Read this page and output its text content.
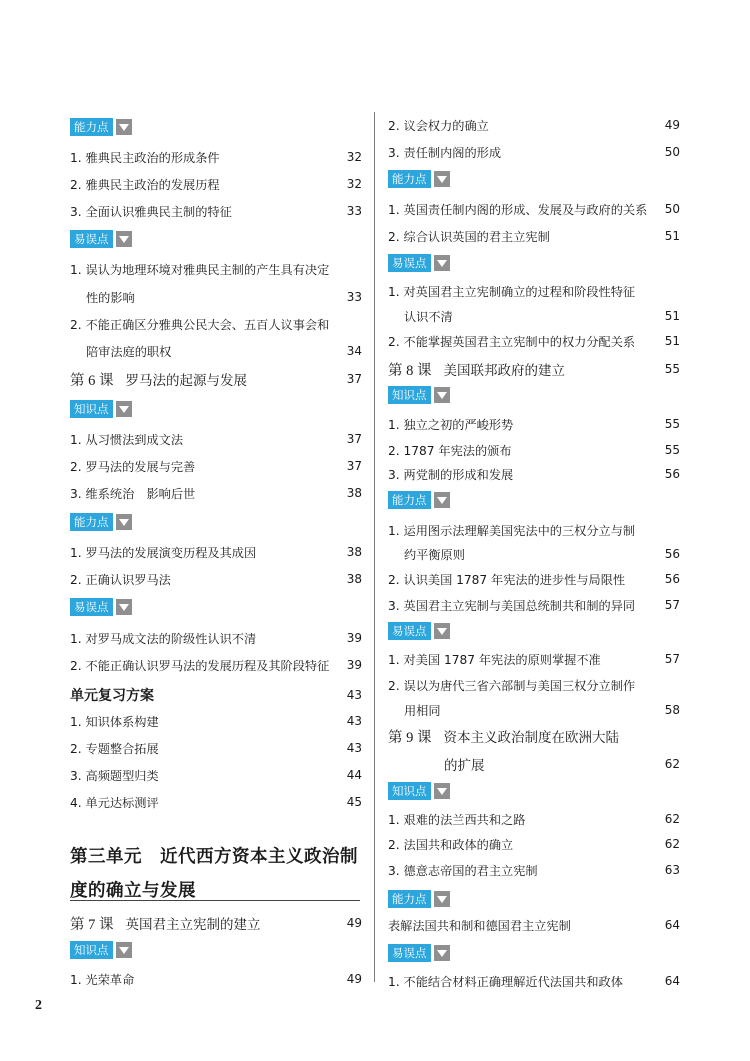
能力点
1. 雅典民主政治的形成条件	32
2. 雅典民主政治的发展历程	32
3. 全面认识雅典民主制的特征	33
易误点
1. 误认为地理环境对雅典民主制的产生具有决定
性的影响	33
2. 不能正确区分雅典公民大会、五百人议事会和
陪审法庭的职权	34
第 6 课 罗马法的起源与发展	37
知识点
1. 从习惯法到成文法	37
2. 罗马法的发展与完善	37
3. 维系统治　影响后世	38
能力点
1. 罗马法的发展演变历程及其成因	38
2. 正确认识罗马法	38
易误点
1. 对罗马成文法的阶级性认识不清	39
2. 不能正确认识罗马法的发展历程及其阶段特征	39
单元复习方案	43
1. 知识体系构建	43
2. 专题整合拓展	43
3. 高频题型归类	44
4. 单元达标测评	45
第三单元　近代西方资本主义政治制
度的确立与发展
第 7 课 英国君主立宪制的建立	49
知识点
1. 光荣革命	49
2. 议会权力的确立	49
3. 责任制内阁的形成	50
能力点
1. 英国责任制内阁的形成、发展及与政府的关系	50
2. 综合认识英国的君主立宪制	51
易误点
1. 对英国君主立宪制确立的过程和阶段性特征
认识不清	51
2. 不能掌握英国君主立宪制中的权力分配关系	51
第 8 课 美国联邦政府的建立	55
知识点
1. 独立之初的严峻形势	55
2. 1787 年宪法的颁布	55
3. 两党制的形成和发展	56
能力点
1. 运用图示法理解美国宪法中的三权分立与制
约平衡原则	56
2. 认识美国 1787 年宪法的进步性与局限性	56
3. 英国君主立宪制与美国总统制共和制的异同	57
易误点
1. 对美国 1787 年宪法的原则掌握不准	57
2. 误以为唐代三省六部制与美国三权分立制作
用相同	58
第 9 课 资本主义政治制度在欧洲大陆
的扩展	62
知识点
1. 艰难的法兰西共和之路	62
2. 法国共和政体的确立	62
3. 德意志帝国的君主立宪制	63
能力点
表解法国共和制和德国君主立宪制	64
易误点
1. 不能结合材料正确理解近代法国共和政体	64
2
